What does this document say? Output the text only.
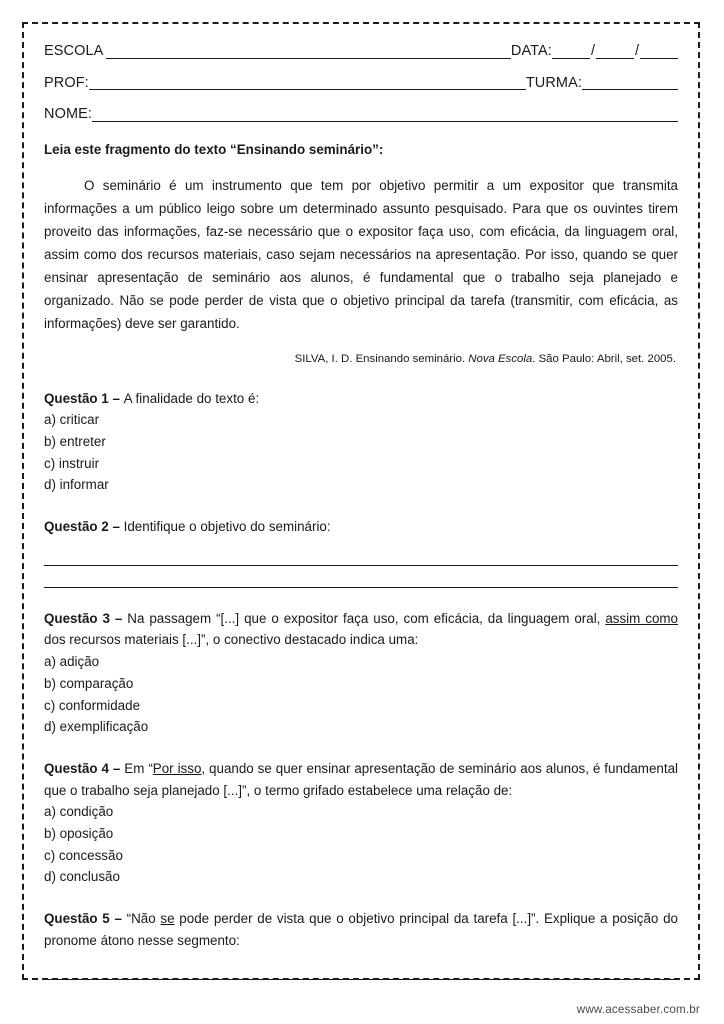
ESCOLA	DATA:	/	/
PROF:	TURMA:
NOME:

Leia este fragmento do texto “Ensinando seminário”:

O seminário é um instrumento que tem por objetivo permitir a um expositor que transmita informações a um público leigo sobre um determinado assunto pesquisado. Para que os ouvintes tirem proveito das informações, faz-se necessário que o expositor faça uso, com eficácia, da linguagem oral, assim como dos recursos materiais, caso sejam necessários na apresentação. Por isso, quando se quer ensinar apresentação de seminário aos alunos, é fundamental que o trabalho seja planejado e organizado. Não se pode perder de vista que o objetivo principal da tarefa (transmitir, com eficácia, as informações) deve ser garantido.

SILVA, I. D. Ensinando seminário. Nova Escola. São Paulo: Abril, set. 2005.

Questão 1 – A finalidade do texto é:

a) criticar
b) entreter
c) instruir
d) informar

Questão 2 – Identifique o objetivo do seminário:

Questão 3 – Na passagem “[...] que o expositor faça uso, com eficácia, da linguagem oral, assim como dos recursos materiais [...]”, o conectivo destacado indica uma:

a) adição
b) comparação
c) conformidade
d) exemplificação

Questão 4 – Em “Por isso, quando se quer ensinar apresentação de seminário aos alunos, é fundamental que o trabalho seja planejado [...]”, o termo grifado estabelece uma relação de:

a) condição
b) oposição
c) concessão
d) conclusão

Questão 5 – “Não se pode perder de vista que o objetivo principal da tarefa [...]”. Explique a posição do pronome átono nesse segmento:

www.acessaber.com.br
